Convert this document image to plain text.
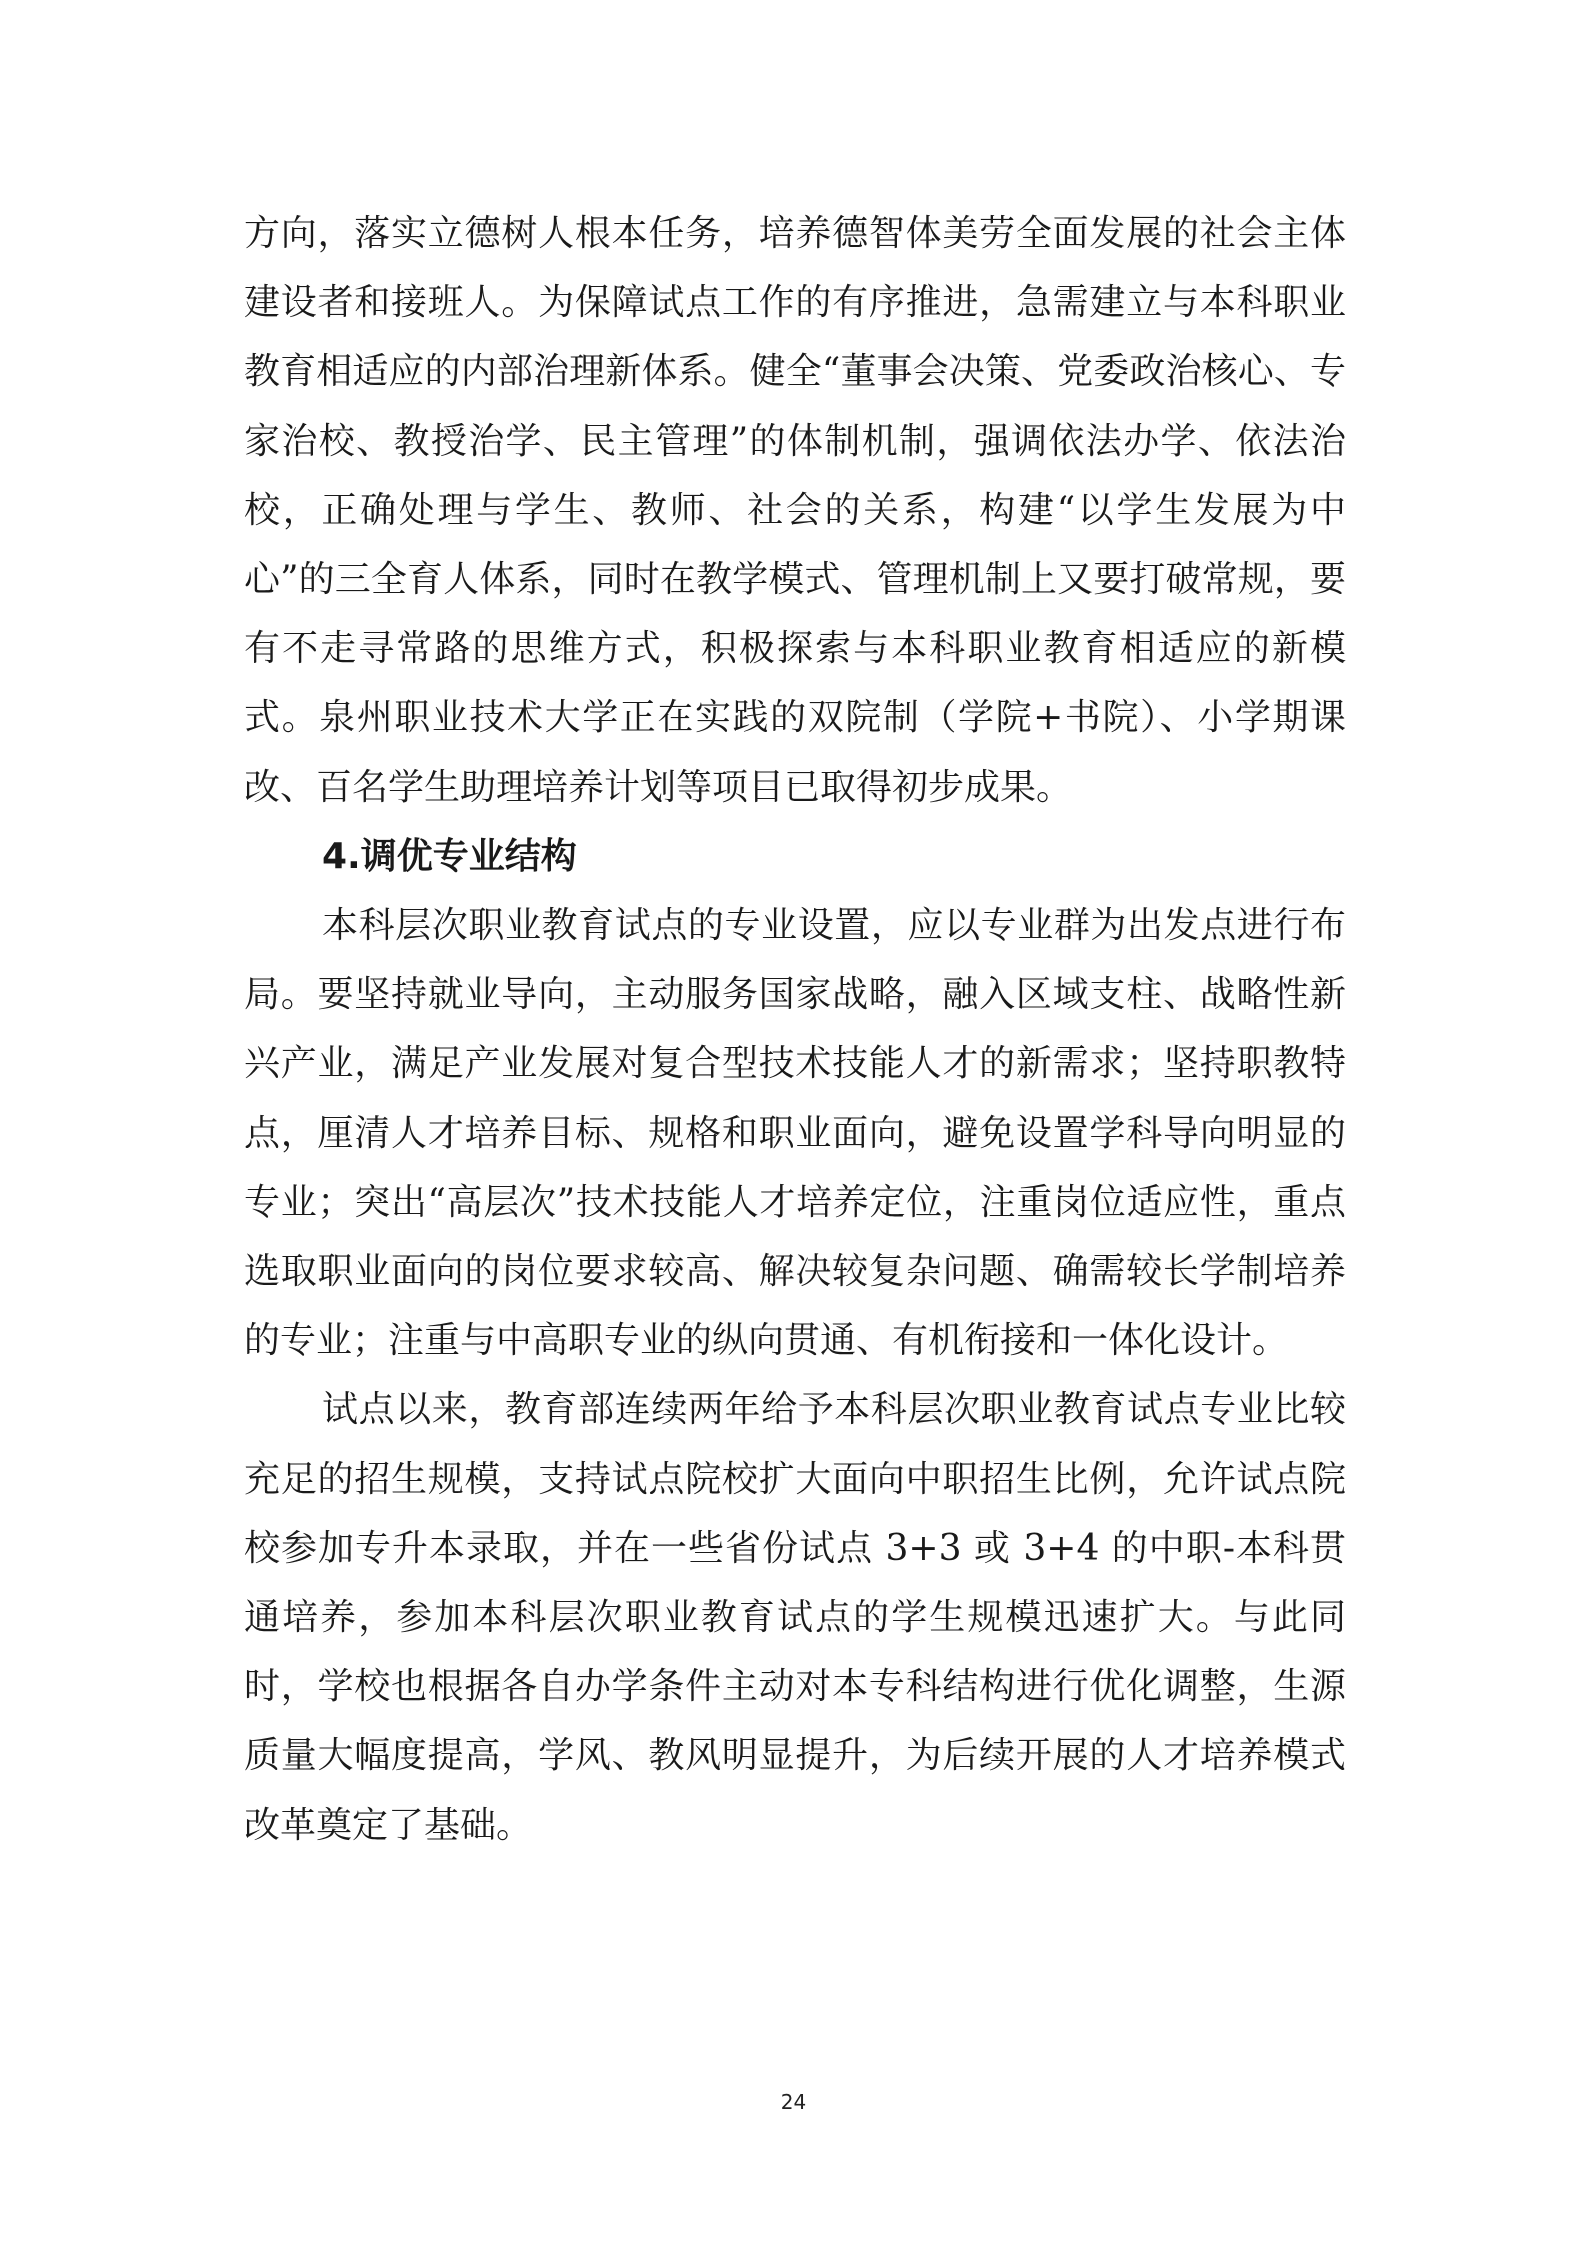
方向，落实立德树人根本任务，培养德智体美劳全面发展的社会主体建设者和接班人。为保障试点工作的有序推进，急需建立与本科职业教育相适应的内部治理新体系。健全“董事会决策、党委政治核心、专家治校、教授治学、民主管理”的体制机制，强调依法办学、依法治校，正确处理与学生、教师、社会的关系，构建“以学生发展为中心”的三全育人体系，同时在教学模式、管理机制上又要打破常规，要有不走寻常路的思维方式，积极探索与本科职业教育相适应的新模式。泉州职业技术大学正在实践的双院制（学院+书院）、小学期课改、百名学生助理培养计划等项目已取得初步成果。

4.调优专业结构

本科层次职业教育试点的专业设置，应以专业群为出发点进行布局。要坚持就业导向，主动服务国家战略，融入区域支柱、战略性新兴产业，满足产业发展对复合型技术技能人才的新需求；坚持职教特点，厘清人才培养目标、规格和职业面向，避免设置学科导向明显的专业；突出“高层次”技术技能人才培养定位，注重岗位适应性，重点选取职业面向的岗位要求较高、解决较复杂问题、确需较长学制培养的专业；注重与中高职专业的纵向贯通、有机衔接和一体化设计。

试点以来，教育部连续两年给予本科层次职业教育试点专业比较充足的招生规模，支持试点院校扩大面向中职招生比例，允许试点院校参加专升本录取，并在一些省份试点 3+3 或 3+4 的中职-本科贯通培养，参加本科层次职业教育试点的学生规模迅速扩大。与此同时，学校也根据各自办学条件主动对本专科结构进行优化调整，生源质量大幅度提高，学风、教风明显提升，为后续开展的人才培养模式改革奠定了基础。

24
